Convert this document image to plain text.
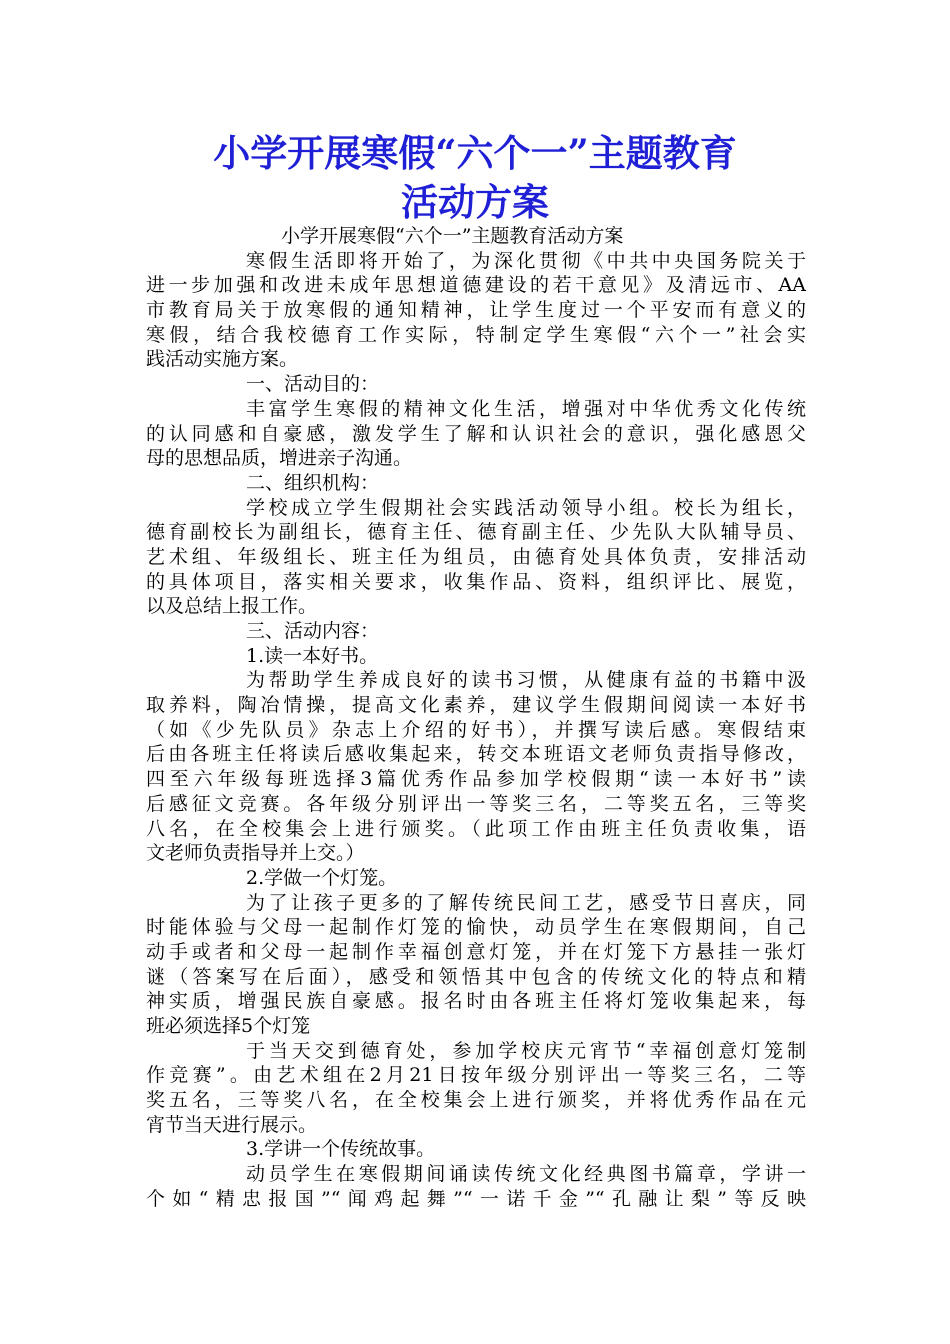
小学开展寒假“六个一”主题教育
活动方案
小学开展寒假“六个一”主题教育活动方案
寒假生活即将开始了，为深化贯彻《中共中央国务院关于
进一步加强和改进未成年思想道德建设的若干意见》及清远市、AA
市教育局关于放寒假的通知精神，让学生度过一个平安而有意义的
寒假，结合我校德育工作实际，特制定学生寒假“六个一”社会实
践活动实施方案。
一、活动目的：
丰富学生寒假的精神文化生活，增强对中华优秀文化传统
的认同感和自豪感，激发学生了解和认识社会的意识，强化感恩父
母的思想品质，增进亲子沟通。
二、组织机构：
学校成立学生假期社会实践活动领导小组。校长为组长，
德育副校长为副组长，德育主任、德育副主任、少先队大队辅导员、
艺术组、年级组长、班主任为组员，由德育处具体负责，安排活动
的具体项目，落实相关要求，收集作品、资料，组织评比、展览，
以及总结上报工作。
三、活动内容：
1.读一本好书。
为帮助学生养成良好的读书习惯，从健康有益的书籍中汲
取养料，陶冶情操，提高文化素养，建议学生假期间阅读一本好书
（如《少先队员》杂志上介绍的好书），并撰写读后感。寒假结束
后由各班主任将读后感收集起来，转交本班语文老师负责指导修改，
四至六年级每班选择3篇优秀作品参加学校假期“读一本好书”读
后感征文竞赛。各年级分别评出一等奖三名，二等奖五名，三等奖
八名，在全校集会上进行颁奖。（此项工作由班主任负责收集，语
文老师负责指导并上交。）
2.学做一个灯笼。
为了让孩子更多的了解传统民间工艺，感受节日喜庆，同
时能体验与父母一起制作灯笼的愉快，动员学生在寒假期间，自己
动手或者和父母一起制作幸福创意灯笼，并在灯笼下方悬挂一张灯
谜（答案写在后面），感受和领悟其中包含的传统文化的特点和精
神实质，增强民族自豪感。报名时由各班主任将灯笼收集起来，每
班必须选择5个灯笼
于当天交到德育处，参加学校庆元宵节“幸福创意灯笼制
作竞赛”。由艺术组在2月21日按年级分别评出一等奖三名，二等
奖五名，三等奖八名，在全校集会上进行颁奖，并将优秀作品在元
宵节当天进行展示。
3.学讲一个传统故事。
动员学生在寒假期间诵读传统文化经典图书篇章，学讲一
个如“精忠报国”“闻鸡起舞”“一诺千金”“孔融让梨”等反映
